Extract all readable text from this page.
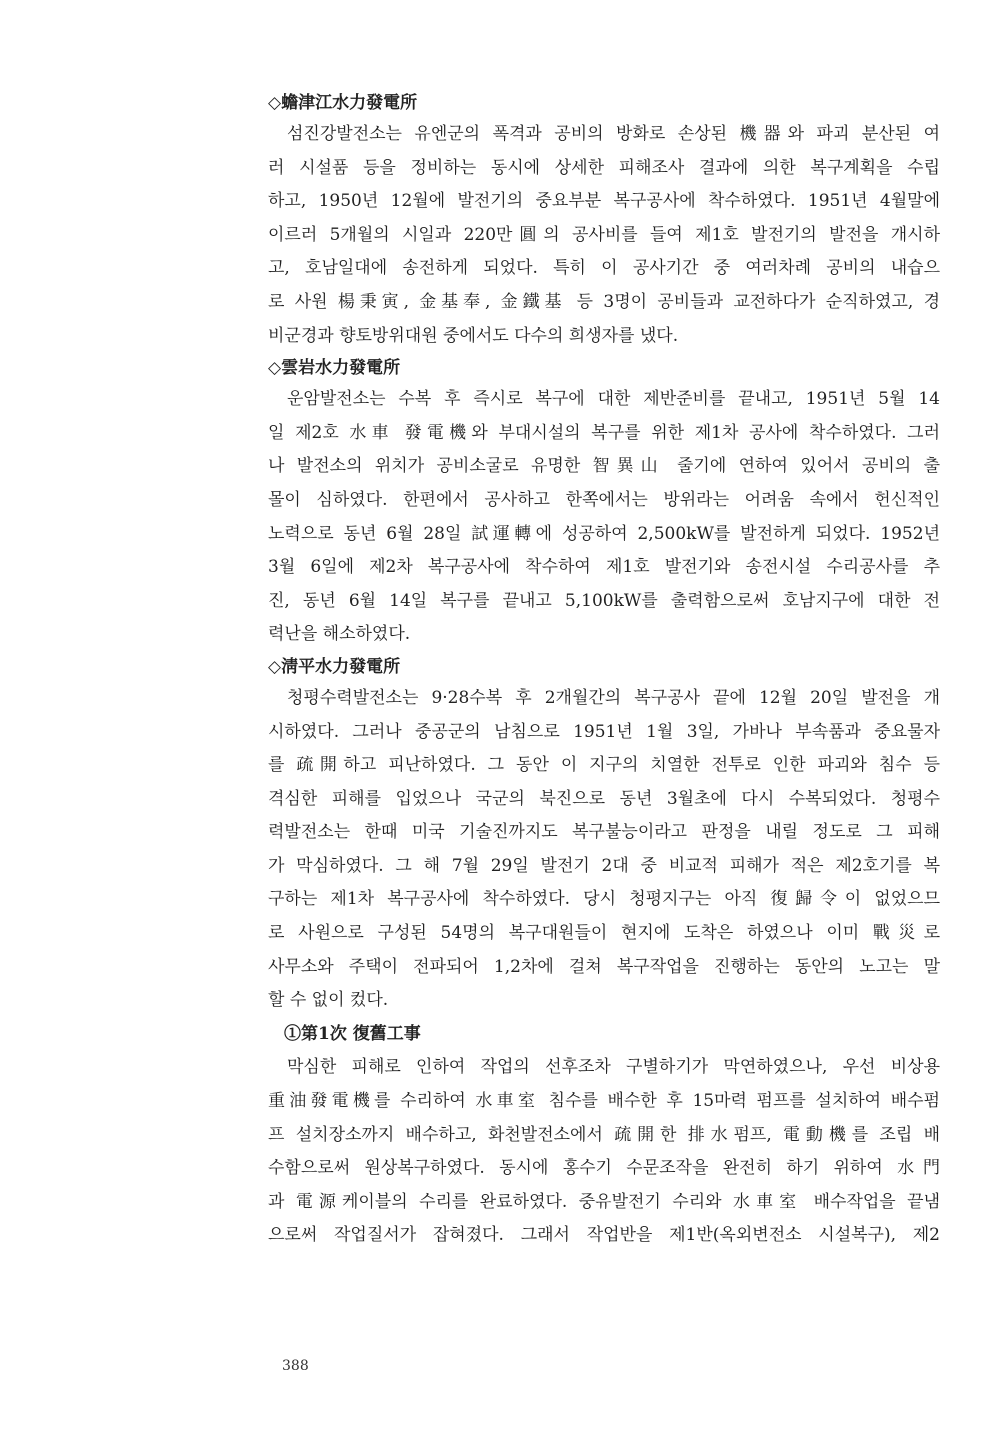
◇蟾津江水力發電所
섬진강발전소는 유엔군의 폭격과 공비의 방화로 손상된 機器와 파괴 분산된 여
러 시설품 등을 정비하는 동시에 상세한 피해조사 결과에 의한 복구계획을 수립
하고, 1950년 12월에 발전기의 중요부분 복구공사에 착수하였다. 1951년 4월말에
이르러 5개월의 시일과 220만圓의 공사비를 들여 제1호 발전기의 발전을 개시하
고, 호남일대에 송전하게 되었다. 특히 이 공사기간 중 여러차례 공비의 내습으
로 사원 楊秉寅, 金基奉, 金鐵基 등 3명이 공비들과 교전하다가 순직하였고, 경
비군경과 향토방위대원 중에서도 다수의 희생자를 냈다.
◇雲岩水力發電所
운암발전소는 수복 후 즉시로 복구에 대한 제반준비를 끝내고, 1951년 5월 14
일 제2호 水車 發電機와 부대시설의 복구를 위한 제1차 공사에 착수하였다. 그러
나 발전소의 위치가 공비소굴로 유명한 智異山 줄기에 연하여 있어서 공비의 출
몰이 심하였다. 한편에서 공사하고 한쪽에서는 방위라는 어려움 속에서 헌신적인
노력으로 동년 6월 28일 試運轉에 성공하여 2,500kW를 발전하게 되었다. 1952년
3월 6일에 제2차 복구공사에 착수하여 제1호 발전기와 송전시설 수리공사를 추
진, 동년 6월 14일 복구를 끝내고 5,100kW를 출력함으로써 호남지구에 대한 전
력난을 해소하였다.
◇淸平水力發電所
청평수력발전소는 9·28수복 후 2개월간의 복구공사 끝에 12월 20일 발전을 개
시하였다. 그러나 중공군의 남침으로 1951년 1월 3일, 가바나 부속품과 중요물자
를 疏開하고 피난하였다. 그 동안 이 지구의 치열한 전투로 인한 파괴와 침수 등
격심한 피해를 입었으나 국군의 북진으로 동년 3월초에 다시 수복되었다. 청평수
력발전소는 한때 미국 기술진까지도 복구불능이라고 판정을 내릴 정도로 그 피해
가 막심하였다. 그 해 7월 29일 발전기 2대 중 비교적 피해가 적은 제2호기를 복
구하는 제1차 복구공사에 착수하였다. 당시 청평지구는 아직 復歸令이 없었으므
로 사원으로 구성된 54명의 복구대원들이 현지에 도착은 하였으나 이미 戰災로
사무소와 주택이 전파되어 1,2차에 걸쳐 복구작업을 진행하는 동안의 노고는 말
할 수 없이 컸다.
①第1次 復舊工事
막심한 피해로 인하여 작업의 선후조차 구별하기가 막연하였으나, 우선 비상용
重油發電機를 수리하여 水車室 침수를 배수한 후 15마력 펌프를 설치하여 배수펌
프 설치장소까지 배수하고, 화천발전소에서 疏開한 排水펌프, 電動機를 조립 배
수함으로써 원상복구하였다. 동시에 홍수기 수문조작을 완전히 하기 위하여 水門
과 電源케이블의 수리를 완료하였다. 중유발전기 수리와 水車室 배수작업을 끝냄
으로써 작업질서가 잡혀졌다. 그래서 작업반을 제1반(옥외변전소 시설복구), 제2
388
